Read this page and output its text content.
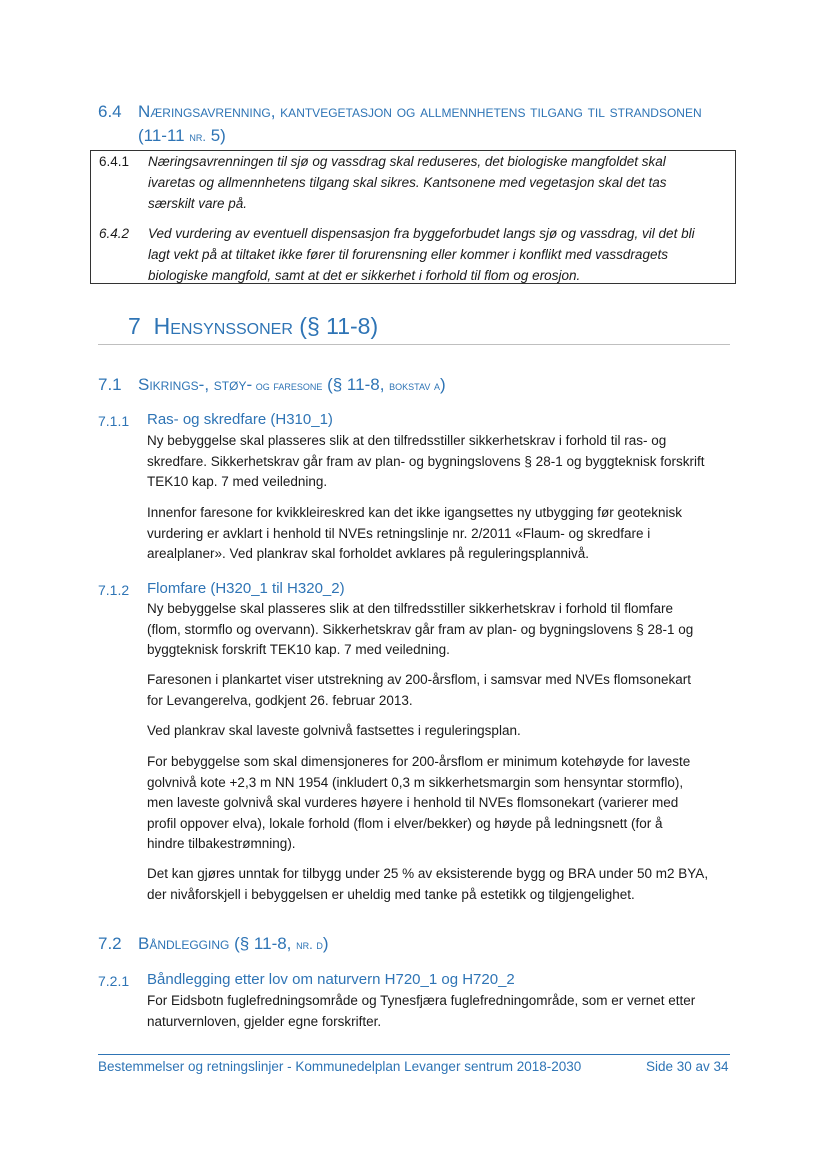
6.4 Næringsavrenning, kantvegetasjon og allmennhetens tilgang til strandsonen
(11-11 nr. 5)
6.4.1 Næringsavrenningen til sjø og vassdrag skal reduseres, det biologiske mangfoldet skal
ivaretas og allmennhetens tilgang skal sikres. Kantsonene med vegetasjon skal det tas
særskilt vare på.
6.4.2 Ved vurdering av eventuell dispensasjon fra byggeforbudet langs sjø og vassdrag, vil det bli
lagt vekt på at tiltaket ikke fører til forurensning eller kommer i konflikt med vassdragets
biologiske mangfold, samt at det er sikkerhet i forhold til flom og erosjon.
7 Hensynssoner (§ 11-8)
7.1 Sikrings-, støy- og faresone (§ 11-8, bokstav a)
7.1.1 Ras- og skredfare (H310_1)
Ny bebyggelse skal plasseres slik at den tilfredsstiller sikkerhetskrav i forhold til ras- og
skredfare. Sikkerhetskrav går fram av plan- og bygningslovens § 28-1 og byggteknisk forskrift
TEK10 kap. 7 med veiledning.
Innenfor faresone for kvikkleireskred kan det ikke igangsettes ny utbygging før geoteknisk
vurdering er avklart i henhold til NVEs retningslinje nr. 2/2011 «Flaum- og skredfare i
arealplaner». Ved plankrav skal forholdet avklares på reguleringsplannivå.
7.1.2 Flomfare (H320_1 til H320_2)
Ny bebyggelse skal plasseres slik at den tilfredsstiller sikkerhetskrav i forhold til flomfare
(flom, stormflo og overvann). Sikkerhetskrav går fram av plan- og bygningslovens § 28-1 og
byggteknisk forskrift TEK10 kap. 7 med veiledning.
Faresonen i plankartet viser utstrekning av 200-årsflom, i samsvar med NVEs flomsonekart
for Levangerelva, godkjent 26. februar 2013.
Ved plankrav skal laveste golvnivå fastsettes i reguleringsplan.
For bebyggelse som skal dimensjoneres for 200-årsflom er minimum kotehøyde for laveste
golvnivå kote +2,3 m NN 1954 (inkludert 0,3 m sikkerhetsmargin som hensyntar stormflo),
men laveste golvnivå skal vurderes høyere i henhold til NVEs flomsonekart (varierer med
profil oppover elva), lokale forhold (flom i elver/bekker) og høyde på ledningsnett (for å
hindre tilbakestrømning).
Det kan gjøres unntak for tilbygg under 25 % av eksisterende bygg og BRA under 50 m2 BYA,
der nivåforskjell i bebyggelsen er uheldig med tanke på estetikk og tilgjengelighet.
7.2 Båndlegging (§ 11-8, nr. d)
7.2.1 Båndlegging etter lov om naturvern H720_1 og H720_2
For Eidsbotn fuglefredningsområde og Tynesfjæra fuglefredningområde, som er vernet etter
naturvernloven, gjelder egne forskrifter.
Bestemmelser og retningslinjer - Kommunedelplan Levanger sentrum 2018-2030	Side 30 av 34
